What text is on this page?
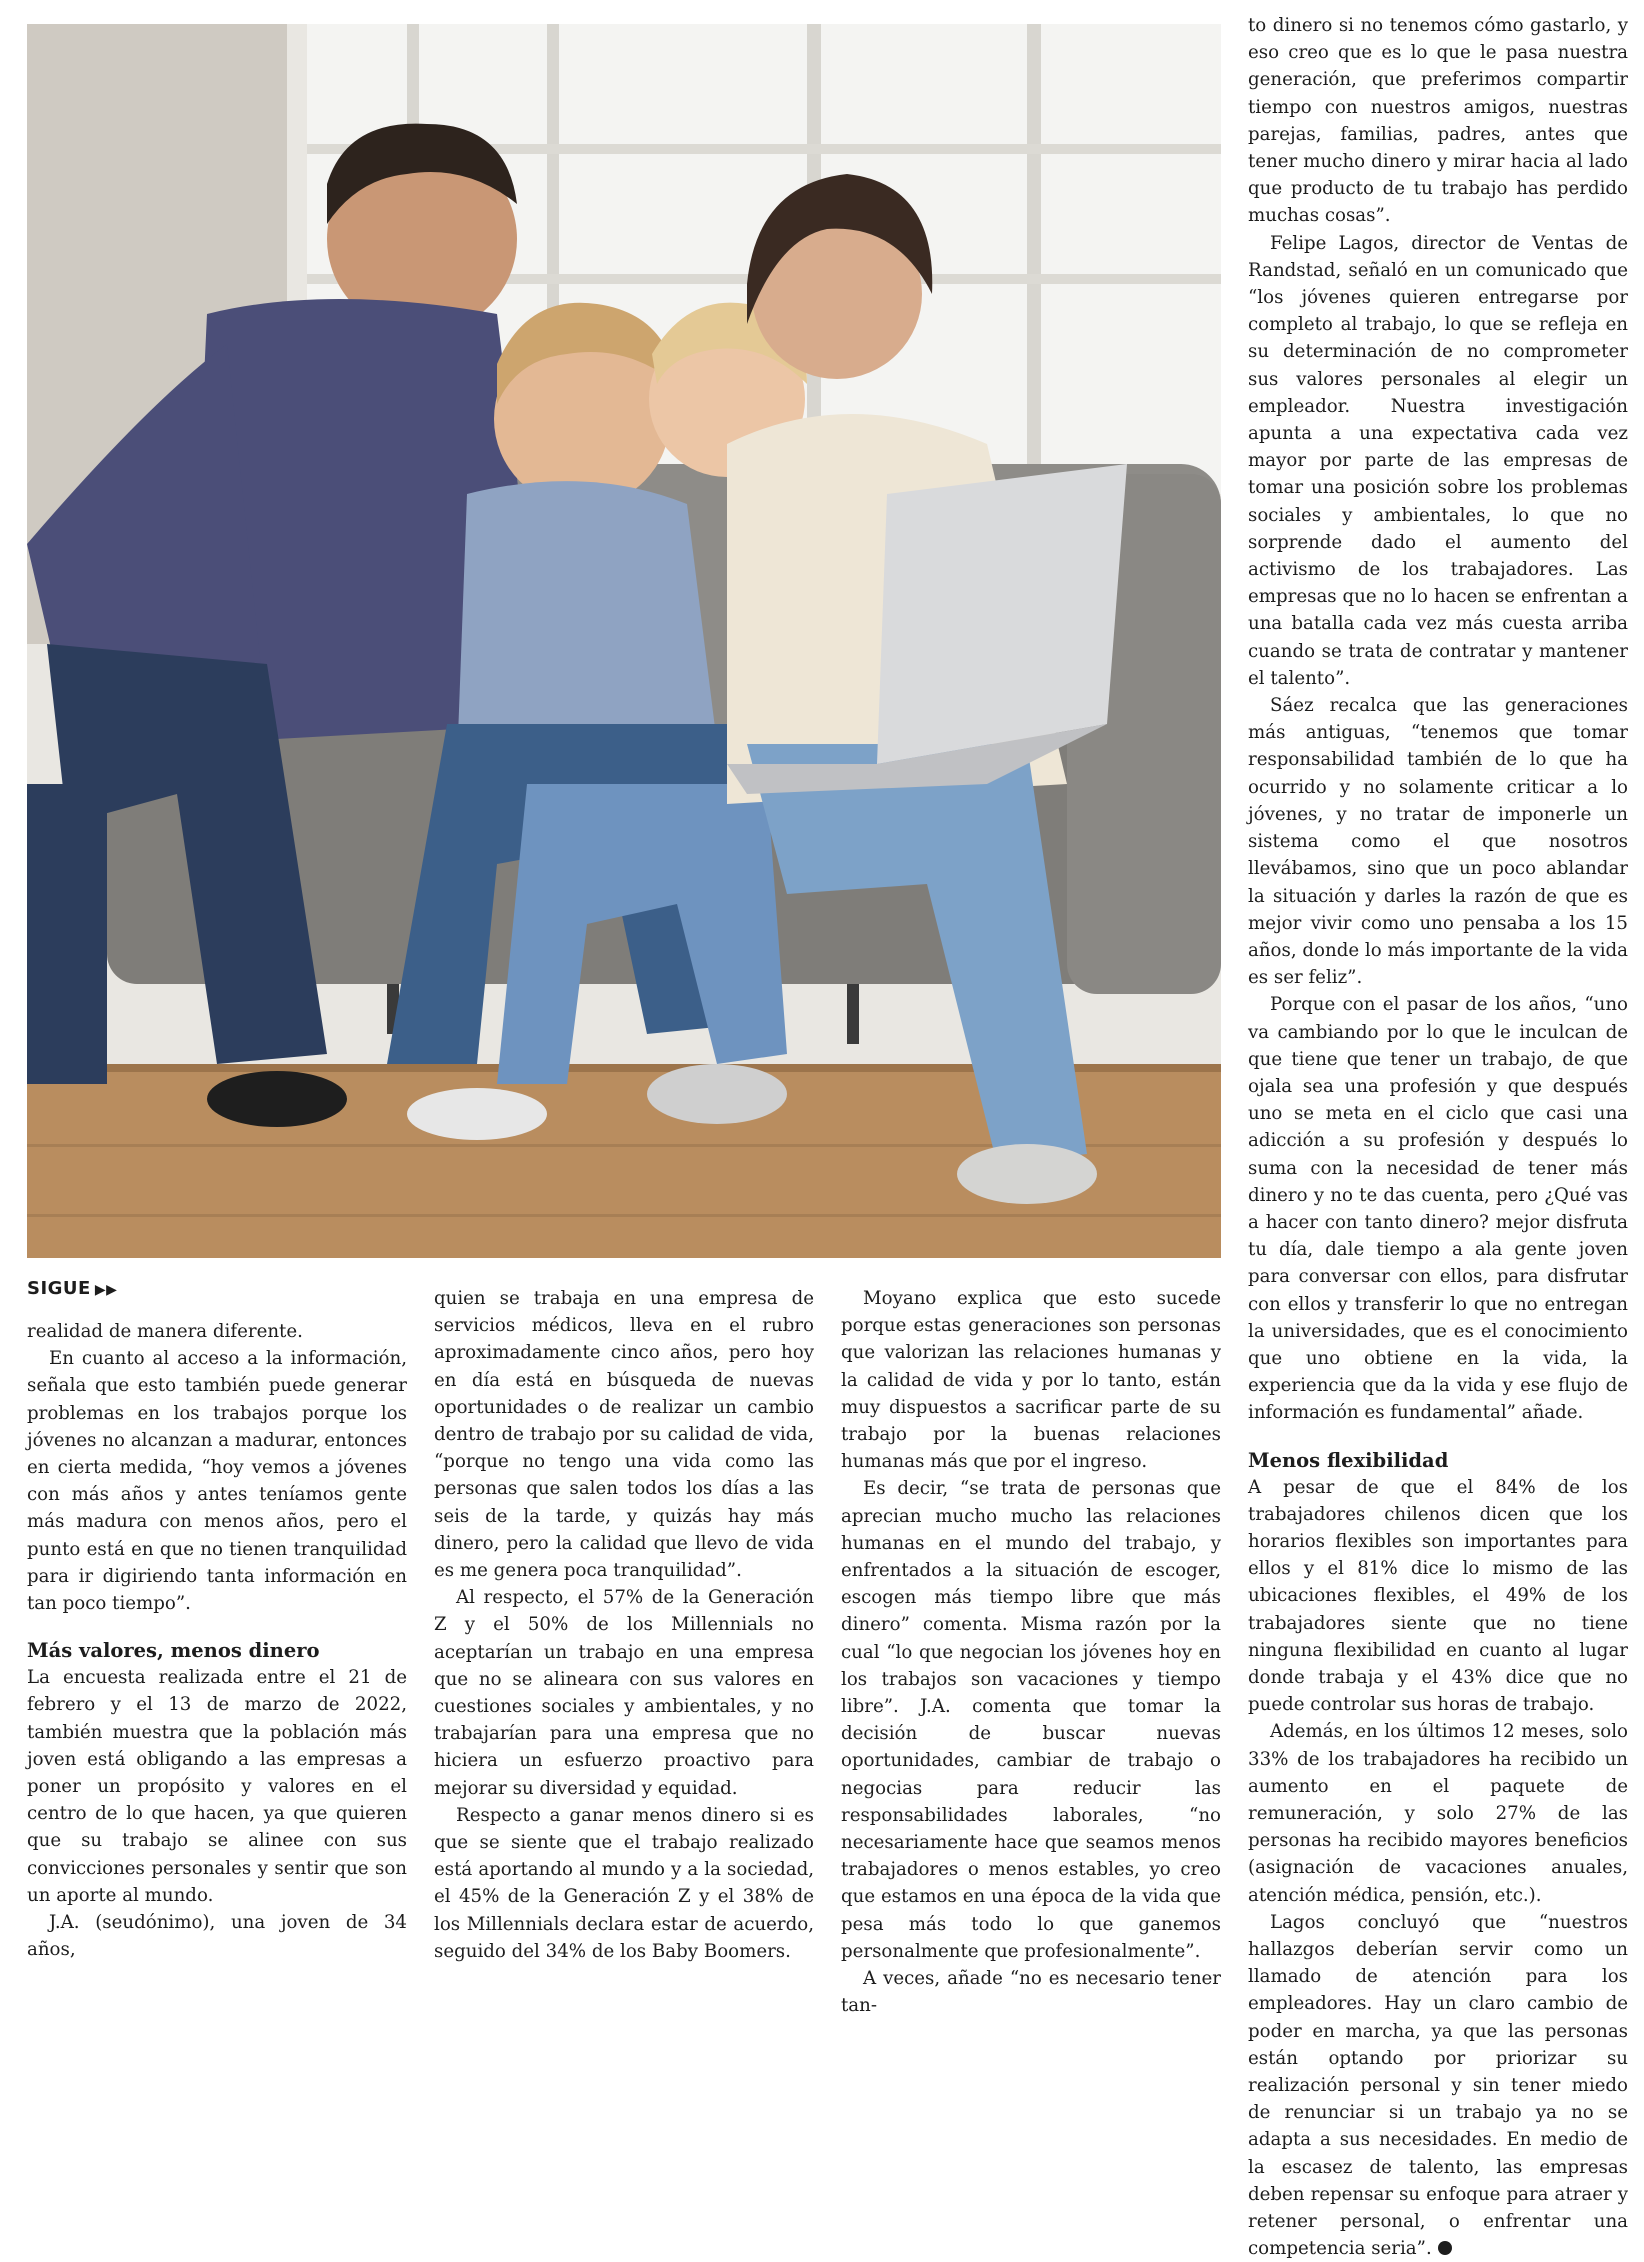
SIGUE ▶▶

realidad de manera diferente.

En cuanto al acceso a la información, señala que esto también puede generar problemas en los trabajos porque los jóvenes no alcanzan a madurar, entonces en cierta medida, “hoy vemos a jóvenes con más años y antes teníamos gente más madura con menos años, pero el punto está en que no tienen tranquilidad para ir digiriendo tanta información en tan poco tiempo”.

Más valores, menos dinero

La encuesta realizada entre el 21 de febrero y el 13 de marzo de 2022, también muestra que la población más joven está obligando a las empresas a poner un propósito y valores en el centro de lo que hacen, ya que quieren que su trabajo se alinee con sus convicciones personales y sentir que son un aporte al mundo.

J.A. (seudónimo), una joven de 34 años,

quien se trabaja en una empresa de servicios médicos, lleva en el rubro aproximadamente cinco años, pero hoy en día está en búsqueda de nuevas oportunidades o de realizar un cambio dentro de trabajo por su calidad de vida, “porque no tengo una vida como las personas que salen todos los días a las seis de la tarde, y quizás hay más dinero, pero la calidad que llevo de vida es me genera poca tranquilidad”.

Al respecto, el 57% de la Generación Z y el 50% de los Millennials no aceptarían un trabajo en una empresa que no se alineara con sus valores en cuestiones sociales y ambientales, y no trabajarían para una empresa que no hiciera un esfuerzo proactivo para mejorar su diversidad y equidad.

Respecto a ganar menos dinero si es que se siente que el trabajo realizado está aportando al mundo y a la sociedad, el 45% de la Generación Z y el 38% de los Millennials declara estar de acuerdo, seguido del 34% de los Baby Boomers.

Moyano explica que esto sucede porque estas generaciones son personas que valorizan las relaciones humanas y la calidad de vida y por lo tanto, están muy dispuestos a sacrificar parte de su trabajo por la buenas relaciones humanas más que por el ingreso.

Es decir, “se trata de personas que aprecian mucho mucho las relaciones humanas en el mundo del trabajo, y enfrentados a la situación de escoger, escogen más tiempo libre que más dinero” comenta. Misma razón por la cual “lo que negocian los jóvenes hoy en los trabajos son vacaciones y tiempo libre”. J.A. comenta que tomar la decisión de buscar nuevas oportunidades, cambiar de trabajo o negocias para reducir las responsabilidades laborales, “no necesariamente hace que seamos menos trabajadores o menos estables, yo creo que estamos en una época de la vida que pesa más todo lo que ganemos personalmente que profesionalmente”.

A veces, añade “no es necesario tener tan-

to dinero si no tenemos cómo gastarlo, y eso creo que es lo que le pasa nuestra generación, que preferimos compartir tiempo con nuestros amigos, nuestras parejas, familias, padres, antes que tener mucho dinero y mirar hacia al lado que producto de tu trabajo has perdido muchas cosas”.

Felipe Lagos, director de Ventas de Randstad, señaló en un comunicado que “los jóvenes quieren entregarse por completo al trabajo, lo que se refleja en su determinación de no comprometer sus valores personales al elegir un empleador. Nuestra investigación apunta a una expectativa cada vez mayor por parte de las empresas de tomar una posición sobre los problemas sociales y ambientales, lo que no sorprende dado el aumento del activismo de los trabajadores. Las empresas que no lo hacen se enfrentan a una batalla cada vez más cuesta arriba cuando se trata de contratar y mantener el talento”.

Sáez recalca que las generaciones más antiguas, “tenemos que tomar responsabilidad también de lo que ha ocurrido y no solamente criticar a lo jóvenes, y no tratar de imponerle un sistema como el que nosotros llevábamos, sino que un poco ablandar la situación y darles la razón de que es mejor vivir como uno pensaba a los 15 años, donde lo más importante de la vida es ser feliz”.

Porque con el pasar de los años, “uno va cambiando por lo que le inculcan de que tiene que tener un trabajo, de que ojala sea una profesión y que después uno se meta en el ciclo que casi una adicción a su profesión y después lo suma con la necesidad de tener más dinero y no te das cuenta, pero ¿Qué vas a hacer con tanto dinero? mejor disfruta tu día, dale tiempo a ala gente joven para conversar con ellos, para disfrutar con ellos y transferir lo que no entregan la universidades, que es el conocimiento que uno obtiene en la vida, la experiencia que da la vida y ese flujo de información es fundamental” añade.

Menos flexibilidad

A pesar de que el 84% de los trabajadores chilenos dicen que los horarios flexibles son importantes para ellos y el 81% dice lo mismo de las ubicaciones flexibles, el 49% de los trabajadores siente que no tiene ninguna flexibilidad en cuanto al lugar donde trabaja y el 43% dice que no puede controlar sus horas de trabajo.

Además, en los últimos 12 meses, solo 33% de los trabajadores ha recibido un aumento en el paquete de remuneración, y solo 27% de las personas ha recibido mayores beneficios (asignación de vacaciones anuales, atención médica, pensión, etc.).

Lagos concluyó que “nuestros hallazgos deberían servir como un llamado de atención para los empleadores. Hay un claro cambio de poder en marcha, ya que las personas están optando por priorizar su realización personal y sin tener miedo de renunciar si un trabajo ya no se adapta a sus necesidades. En medio de la escasez de talento, las empresas deben repensar su enfoque para atraer y retener personal, o enfrentar una competencia seria”.
